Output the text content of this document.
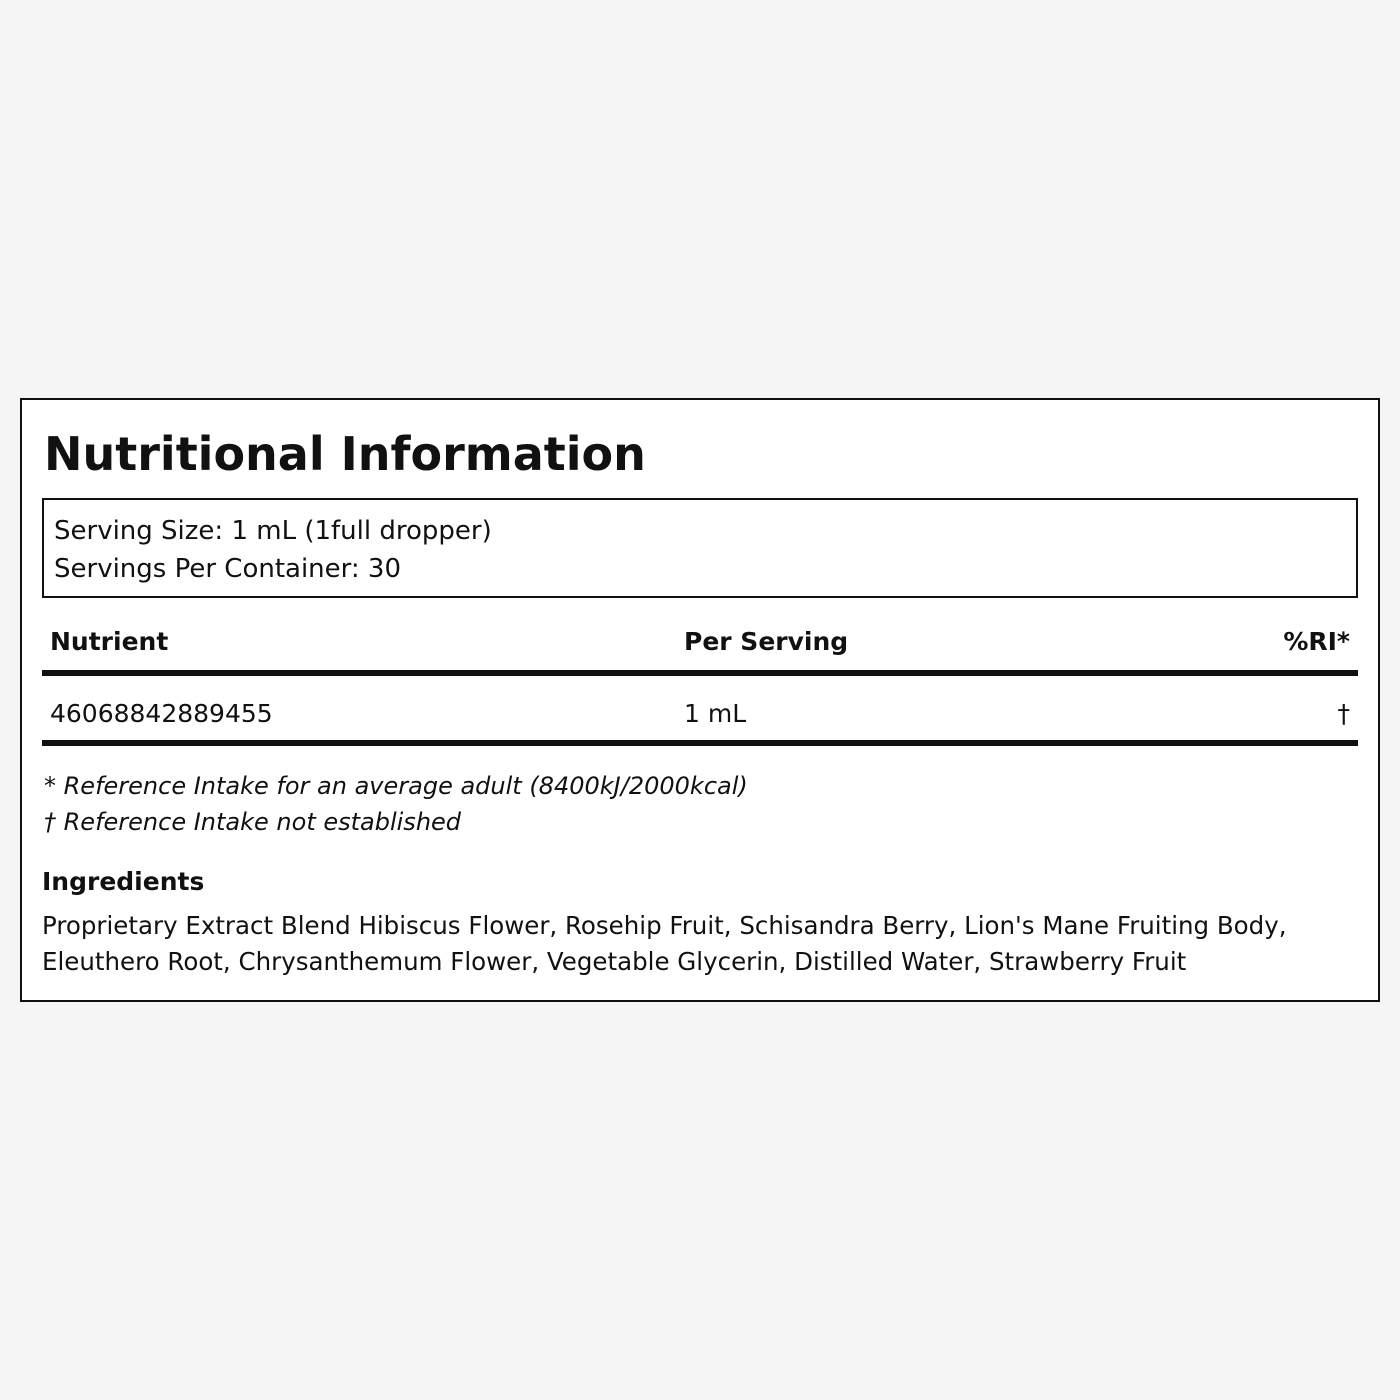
Nutritional Information
Serving Size: 1 mL (1full dropper)
Servings Per Container: 30
Nutrient	Per Serving	%RI*
46068842889455	1 mL	†
* Reference Intake for an average adult (8400kJ/2000kcal)
† Reference Intake not established
Ingredients
Proprietary Extract Blend Hibiscus Flower, Rosehip Fruit, Schisandra Berry, Lion's Mane Fruiting Body, Eleuthero Root, Chrysanthemum Flower, Vegetable Glycerin, Distilled Water, Strawberry Fruit
